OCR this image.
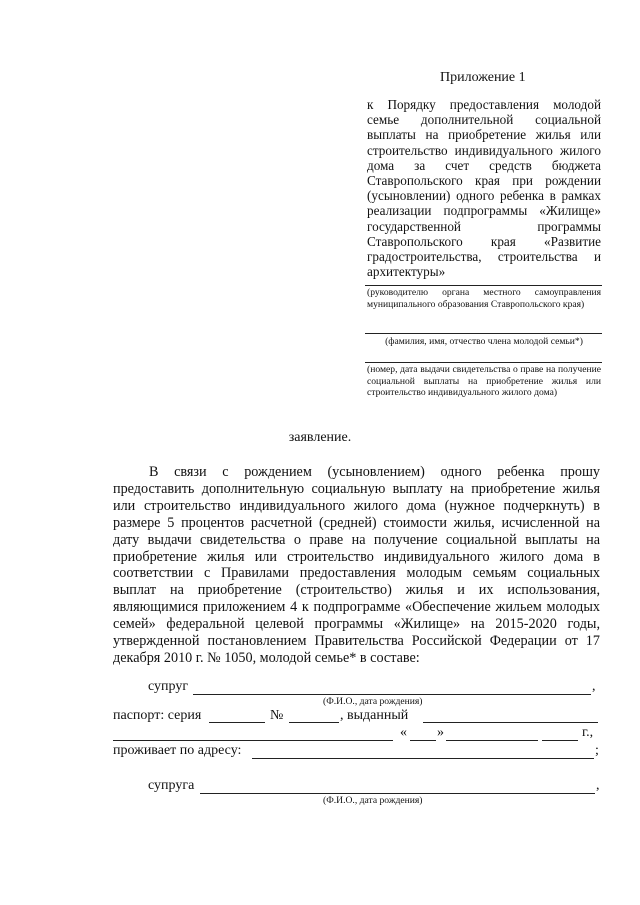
Приложение 1
к Порядку предоставления молодой семье дополнительной социальной выплаты на приобретение жилья или строительство индивидуального жилого дома за счет средств бюджета Ставропольского края при рождении (усыновлении) одного ребенка в рамках реализации подпрограммы «Жилище» государственной программы Ставропольского края «Развитие градостроительства, строительства и архитектуры»
(руководителю органа местного самоуправления муниципального образования Ставропольского края)
(фамилия, имя, отчество члена молодой семьи*)
(номер, дата выдачи свидетельства о праве на получение социальной выплаты на приобретение жилья или строительство индивидуального жилого дома)
заявление.

В связи с рождением (усыновлением) одного ребенка прошу предоставить дополнительную социальную выплату на приобретение жилья или строительство индивидуального жилого дома (нужное подчеркнуть) в размере 5 процентов расчетной (средней) стоимости жилья, исчисленной на дату выдачи свидетельства о праве на получение социальной выплаты на приобретение жилья или строительство индивидуального жилого дома в соответствии с Правилами предоставления молодым семьям социальных выплат на приобретение (строительство) жилья и их использования, являющимися приложением 4 к подпрограмме «Обеспечение жильем молодых семей» федеральной целевой программы «Жилище» на 2015-2020 годы, утвержденной постановлением Правительства Российской Федерации от 17 декабря 2010 г. № 1050, молодой семье* в составе:

супруг	,
(Ф.И.О., дата рождения)
паспорт: серия	№	, выданный
« »	г.,
проживает по адресу:	;
супруга	,
(Ф.И.О., дата рождения)
